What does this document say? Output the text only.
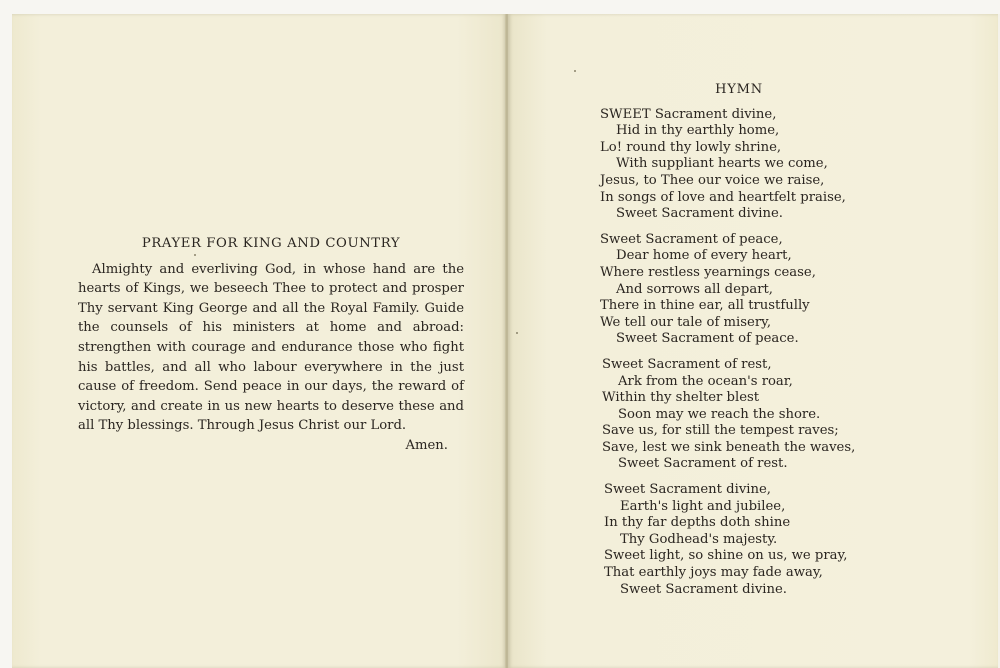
PRAYER FOR KING AND COUNTRY

Almighty and everliving God, in whose hand are the hearts of Kings, we beseech Thee to protect and prosper Thy servant King George and all the Royal Family. Guide the counsels of his ministers at home and abroad: strengthen with courage and endurance those who fight his battles, and all who labour everywhere in the just cause of freedom. Send peace in our days, the reward of victory, and create in us new hearts to deserve these and all Thy blessings. Through Jesus Christ our Lord.

Amen.

HYMN
SWEET Sacrament divine,
Hid in thy earthly home,
Lo! round thy lowly shrine,
With suppliant hearts we come,
Jesus, to Thee our voice we raise,
In songs of love and heartfelt praise,
Sweet Sacrament divine.
Sweet Sacrament of peace,
Dear home of every heart,
Where restless yearnings cease,
And sorrows all depart,
There in thine ear, all trustfully
We tell our tale of misery,
Sweet Sacrament of peace.
Sweet Sacrament of rest,
Ark from the ocean's roar,
Within thy shelter blest
Soon may we reach the shore.
Save us, for still the tempest raves;
Save, lest we sink beneath the waves,
Sweet Sacrament of rest.
Sweet Sacrament divine,
Earth's light and jubilee,
In thy far depths doth shine
Thy Godhead's majesty.
Sweet light, so shine on us, we pray,
That earthly joys may fade away,
Sweet Sacrament divine.
